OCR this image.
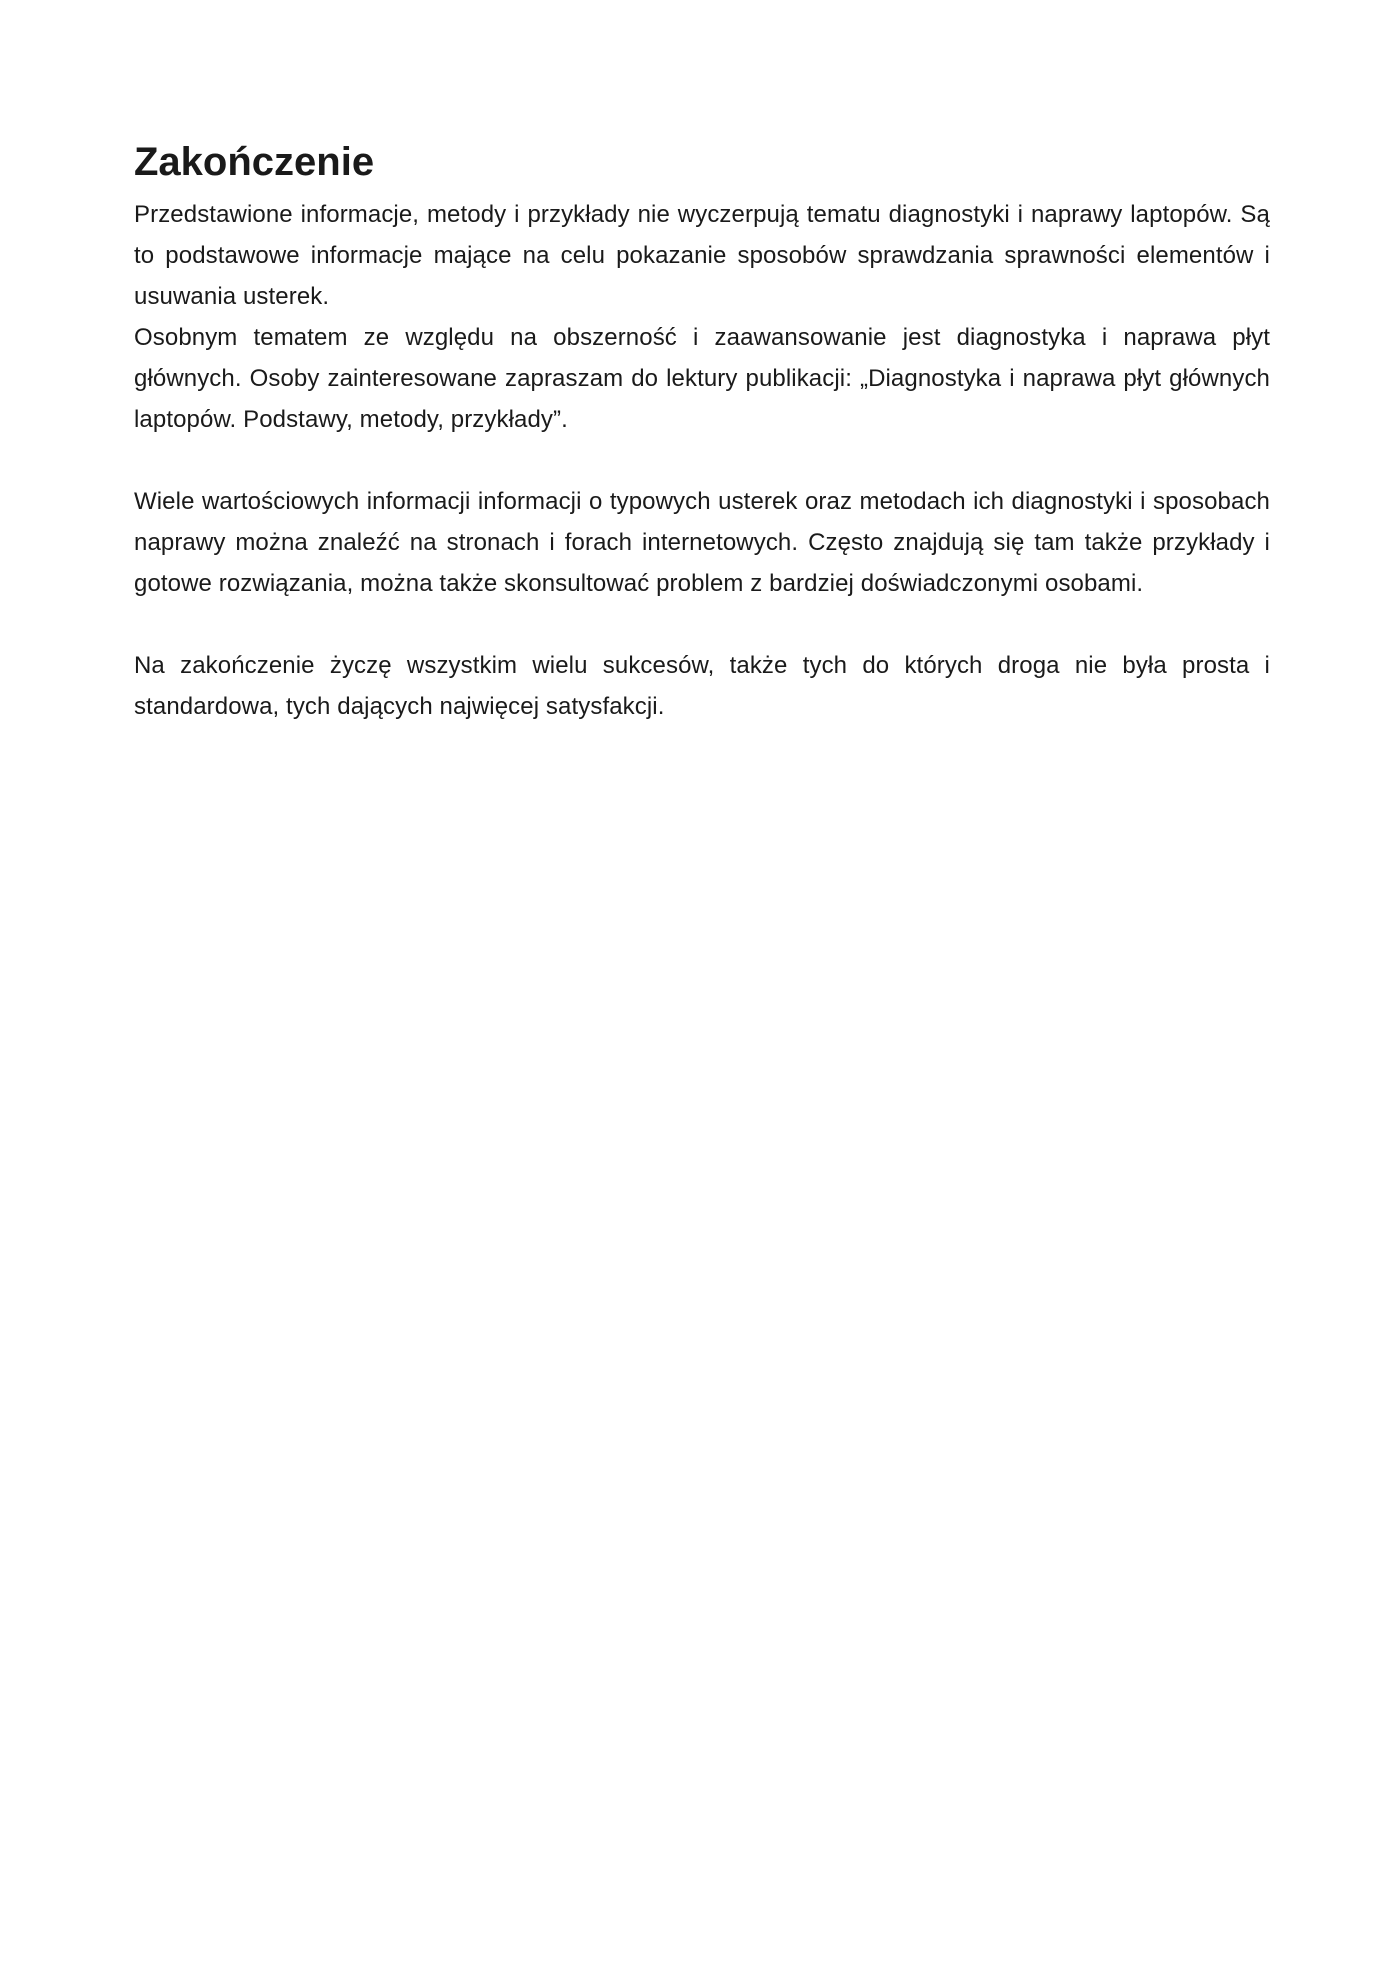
Zakończenie

Przedstawione informacje, metody i przykłady nie wyczerpują tematu diagnostyki i naprawy laptopów. Są to podstawowe informacje mające na celu pokazanie sposobów sprawdzania sprawności elementów i usuwania usterek.

Osobnym tematem ze względu na obszerność i zaawansowanie jest diagnostyka i naprawa płyt głównych. Osoby zainteresowane zapraszam do lektury publikacji: „Diagnostyka i naprawa płyt głównych laptopów. Podstawy, metody, przykłady”.

Wiele wartościowych informacji informacji o typowych usterek oraz metodach ich diagnostyki i sposobach naprawy można znaleźć na stronach i forach internetowych. Często znajdują się tam także przykłady i gotowe rozwiązania, można także skonsultować problem z bardziej doświadczonymi osobami.

Na zakończenie życzę wszystkim wielu sukcesów, także tych do których droga nie była prosta i standardowa, tych dających najwięcej satysfakcji.
